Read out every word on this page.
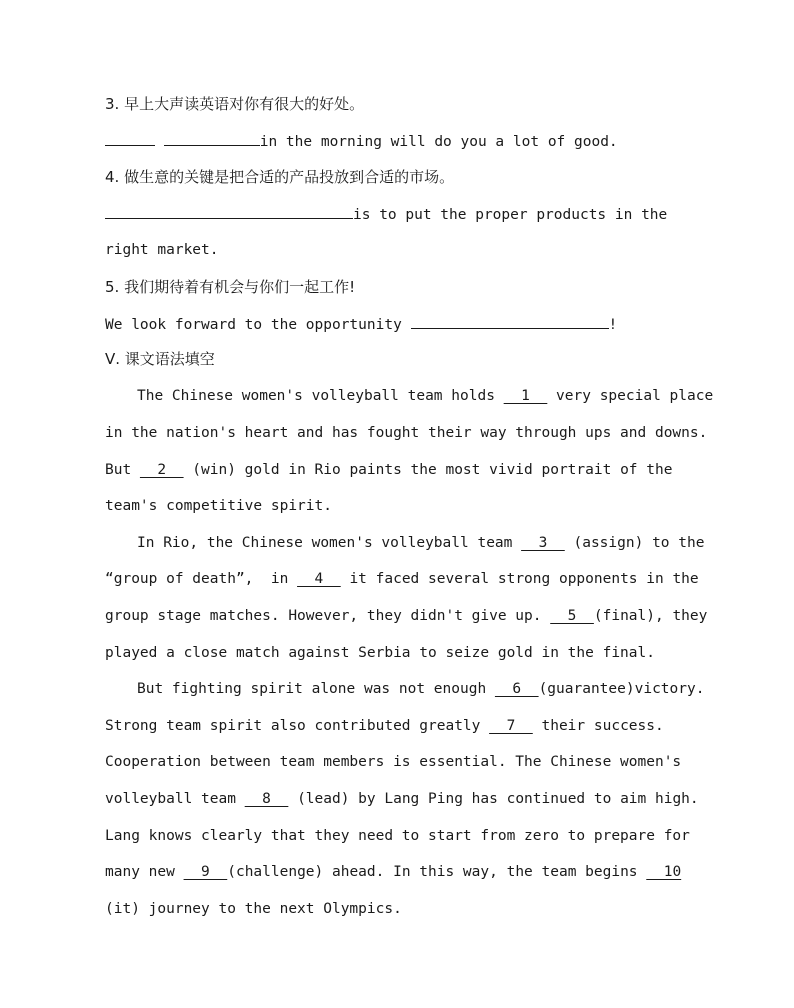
3. 早上大声读英语对你有很大的好处。
in the morning will do you a lot of good.
4. 做生意的关键是把合适的产品投放到合适的市场。
is to put the proper products in the
right market.
5. 我们期待着有机会与你们一起工作!
We look forward to the opportunity	!
Ⅴ. 课文语法填空
The Chinese women's volleyball team holds   1   very special place
in the nation's heart and has fought their way through ups and downs.
But   2   (win) gold in Rio paints the most vivid portrait of the
team's competitive spirit.
In Rio, the Chinese women's volleyball team   3   (assign) to the
“group of death”,  in   4   it faced several strong opponents in the
group stage matches. However, they didn't give up.   5  (final), they
played a close match against Serbia to seize gold in the final.
But fighting spirit alone was not enough   6  (guarantee)victory.
Strong team spirit also contributed greatly   7   their success.
Cooperation between team members is essential. The Chinese women's
volleyball team   8   (lead) by Lang Ping has continued to aim high.
Lang knows clearly that they need to start from zero to prepare for
many new   9  (challenge) ahead. In this way, the team begins   10
(it) journey to the next Olympics.
